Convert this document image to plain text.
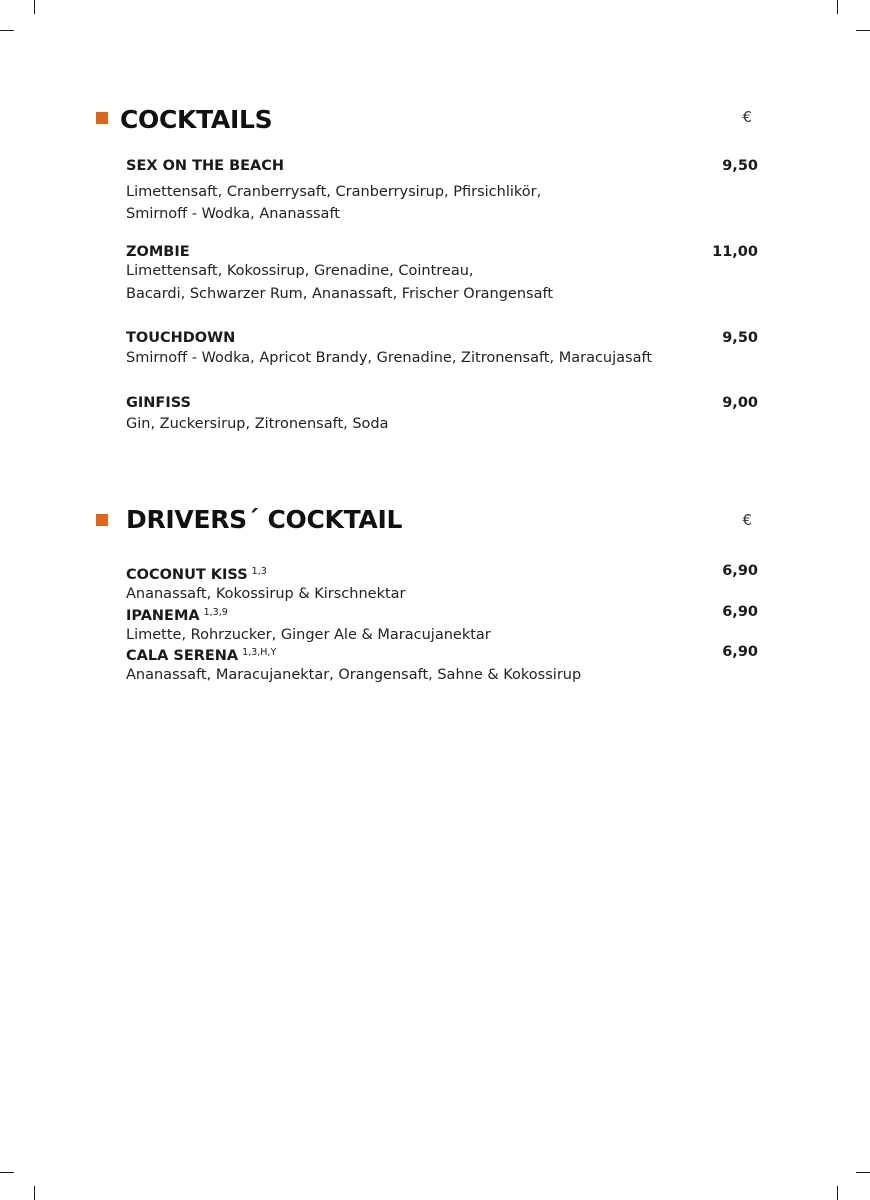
COCKTAILS	€
SEX ON THE BEACH	9,50
Limettensaft, Cranberrysaft, Cranberrysirup, Pfirsichlikör,
Smirnoff - Wodka, Ananassaft
ZOMBIE	11,00
Limettensaft, Kokossirup, Grenadine, Cointreau,
Bacardi, Schwarzer Rum, Ananassaft, Frischer Orangensaft
TOUCHDOWN	9,50
Smirnoff - Wodka, Apricot Brandy, Grenadine, Zitronensaft, Maracujasaft
GINFISS	9,00
Gin, Zuckersirup, Zitronensaft, Soda
DRIVERS´ COCKTAIL	€
COCONUT KISS $^{1,3}$	6,90
Ananassaft, Kokossirup & Kirschnektar
IPANEMA $^{1,3,9}$	6,90
Limette, Rohrzucker, Ginger Ale & Maracujanektar
CALA SERENA $^{1,3,H,Y}$	6,90
Ananassaft, Maracujanektar, Orangensaft, Sahne & Kokossirup
